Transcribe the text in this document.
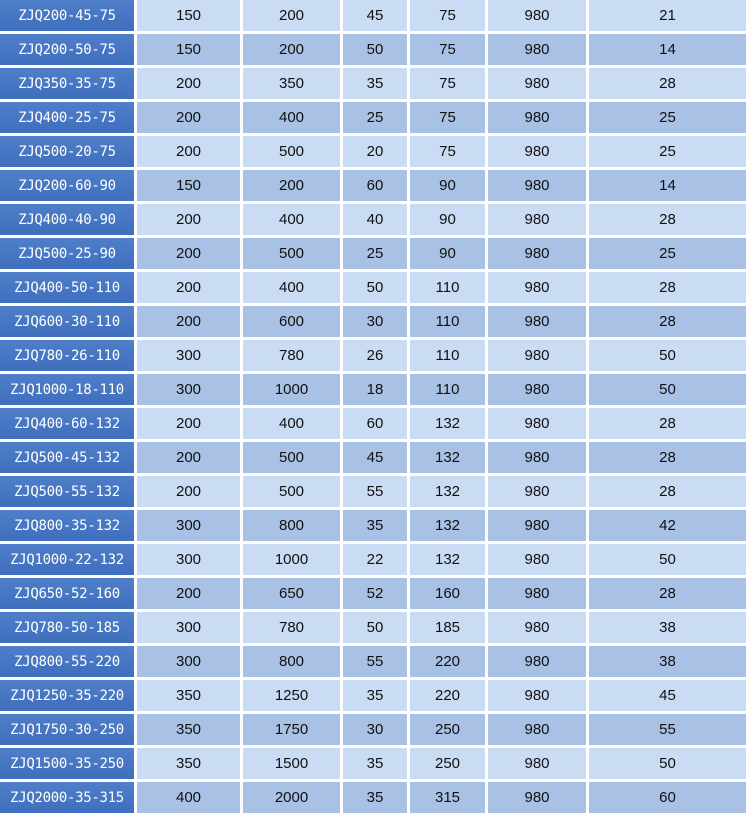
ZJQ200-45-75	150	200	45	75	980	21
ZJQ200-50-75	150	200	50	75	980	14
ZJQ350-35-75	200	350	35	75	980	28
ZJQ400-25-75	200	400	25	75	980	25
ZJQ500-20-75	200	500	20	75	980	25
ZJQ200-60-90	150	200	60	90	980	14
ZJQ400-40-90	200	400	40	90	980	28
ZJQ500-25-90	200	500	25	90	980	25
ZJQ400-50-110	200	400	50	110	980	28
ZJQ600-30-110	200	600	30	110	980	28
ZJQ780-26-110	300	780	26	110	980	50
ZJQ1000-18-110	300	1000	18	110	980	50
ZJQ400-60-132	200	400	60	132	980	28
ZJQ500-45-132	200	500	45	132	980	28
ZJQ500-55-132	200	500	55	132	980	28
ZJQ800-35-132	300	800	35	132	980	42
ZJQ1000-22-132	300	1000	22	132	980	50
ZJQ650-52-160	200	650	52	160	980	28
ZJQ780-50-185	300	780	50	185	980	38
ZJQ800-55-220	300	800	55	220	980	38
ZJQ1250-35-220	350	1250	35	220	980	45
ZJQ1750-30-250	350	1750	30	250	980	55
ZJQ1500-35-250	350	1500	35	250	980	50
ZJQ2000-35-315	400	2000	35	315	980	60
